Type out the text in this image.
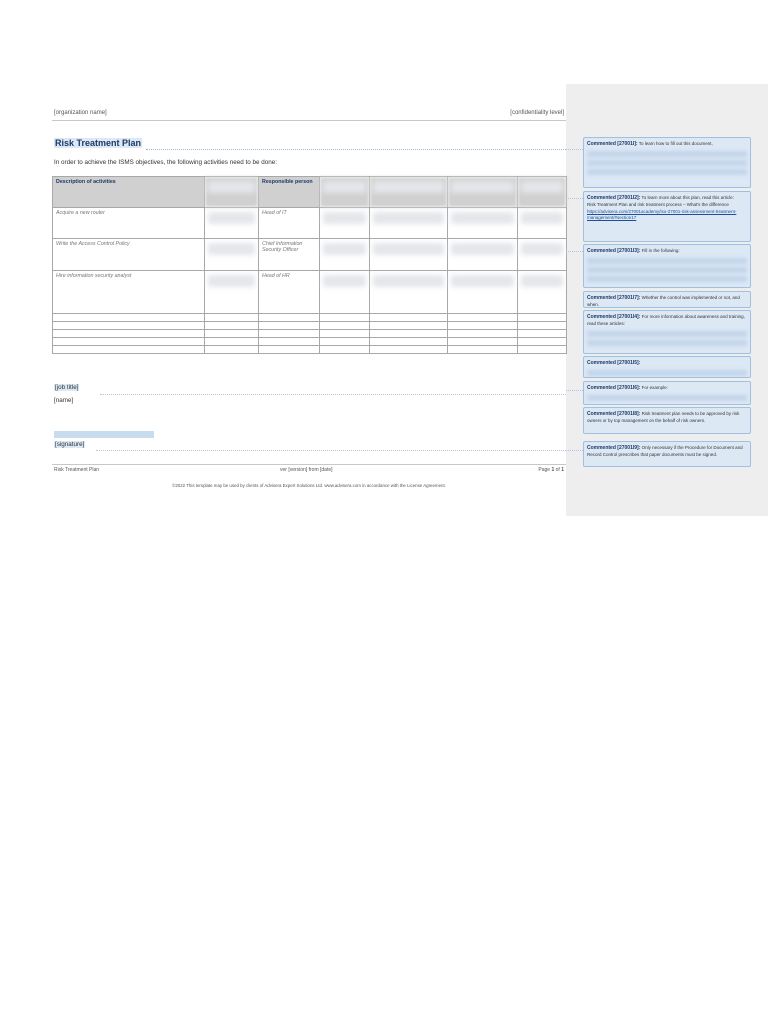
[organization name]	[confidentiality level]
Risk Treatment Plan
In order to achieve the ISMS objectives, the following activities need to be done:
Description of activities		Responsible person	

Acquire a new router		Head of IT	

Write the Access Control Policy		Chief Information Security Officer	

Hire information security analyst		Head of HR	

[job title]
[name]
[signature]
Risk Treatment Plan	ver [version] from [date]	Page 1 of 1
©2022 This template may be used by clients of Advisera Expert Solutions Ltd. www.advisera.com in accordance with the License Agreement.
Commented [27001I]: To learn how to fill out this document,
Commented [27001I2]: To learn more about this plan, read this article:
Risk Treatment Plan and risk treatment process – What's the difference
https://advisera.com/27001academy/iso-27001-risk-assessment-treatment-management/#section17
Commented [27001I3]: Fill in the following:
Commented [27001I7]: Whether the control was implemented or not, and when.
Commented [27001I4]: For more information about awareness and training, read these articles:
Commented [27001I5]:
Commented [27001I6]: For example:
Commented [27001I8]: Risk treatment plan needs to be approved by risk owners or by top management on the behalf of risk owners.
Commented [27001I9]: Only necessary if the Procedure for Document and Record Control prescribes that paper documents must be signed.
